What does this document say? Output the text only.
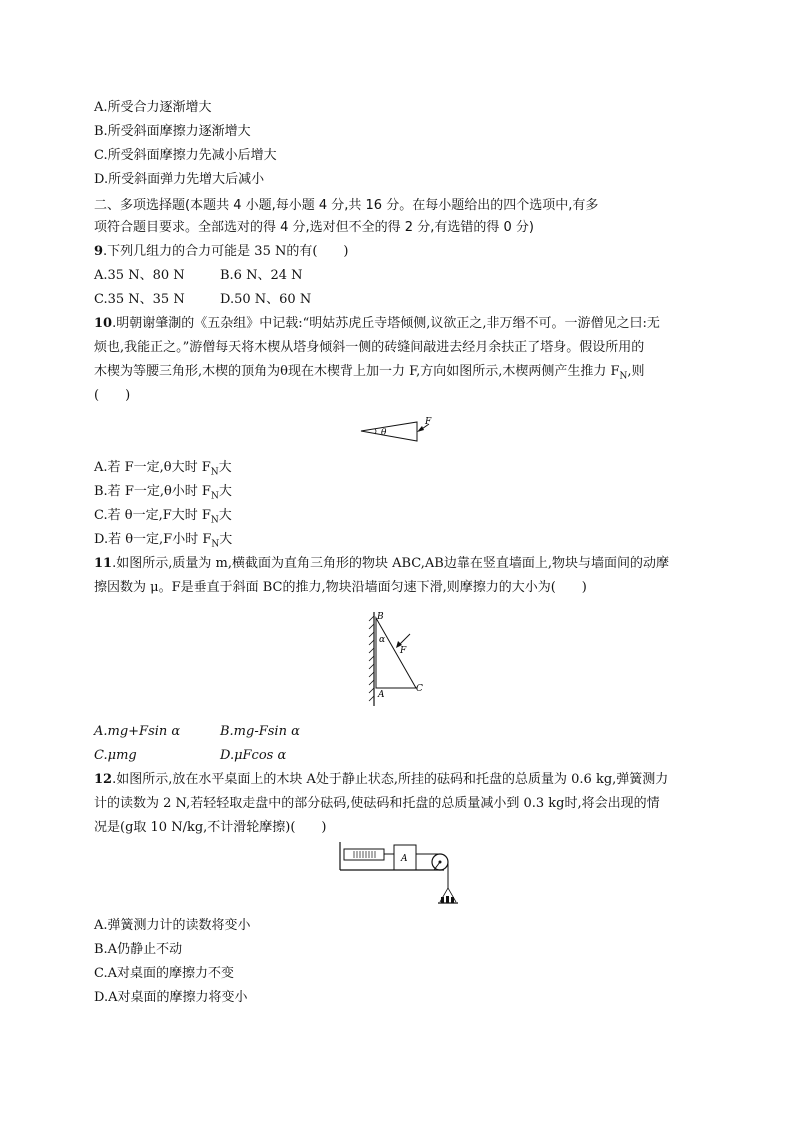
A.所受合力逐渐增大
B.所受斜面摩擦力逐渐增大
C.所受斜面摩擦力先减小后增大
D.所受斜面弹力先增大后减小
二、多项选择题(本题共 4 小题,每小题 4 分,共 16 分。在每小题给出的四个选项中,有多
项符合题目要求。全部选对的得 4 分,选对但不全的得 2 分,有选错的得 0 分)
9.下列几组力的合力可能是 35 N的有(　　)
A.35 N、80 N	B.6 N、24 N
C.35 N、35 N	D.50 N、60 N
10.明朝谢肇淛的《五杂组》中记载:“明姑苏虎丘寺塔倾侧,议欲正之,非万缗不可。一游僧见之曰:无
烦也,我能正之。”游僧每天将木楔从塔身倾斜一侧的砖缝间敲进去经月余扶正了塔身。假设所用的
木楔为等腰三角形,木楔的顶角为θ现在木楔背上加一力 F,方向如图所示,木楔两侧产生推力 $F_N$,则
(　　)
θ
F
A.若 F一定,θ大时 $F_N$大
B.若 F一定,θ小时 $F_N$大
C.若 θ一定,F大时 $F_N$大
D.若 θ一定,F小时 $F_N$大
11.如图所示,质量为 m,横截面为直角三角形的物块 ABC,AB边靠在竖直墙面上,物块与墙面间的动摩
擦因数为 μ。F是垂直于斜面 BC的推力,物块沿墙面匀速下滑,则摩擦力的大小为(　　)
B
α
F
A
C
A.mg+Fsin α	B.mg-Fsin α
C.μmg	D.μFcos α
12.如图所示,放在水平桌面上的木块 A处于静止状态,所挂的砝码和托盘的总质量为 0.6 kg,弹簧测力
计的读数为 2 N,若轻轻取走盘中的部分砝码,使砝码和托盘的总质量减小到 0.3 kg时,将会出现的情
况是(g取 10 N/kg,不计滑轮摩擦)(　　)
A
A.弹簧测力计的读数将变小
B.A仍静止不动
C.A对桌面的摩擦力不变
D.A对桌面的摩擦力将变小
